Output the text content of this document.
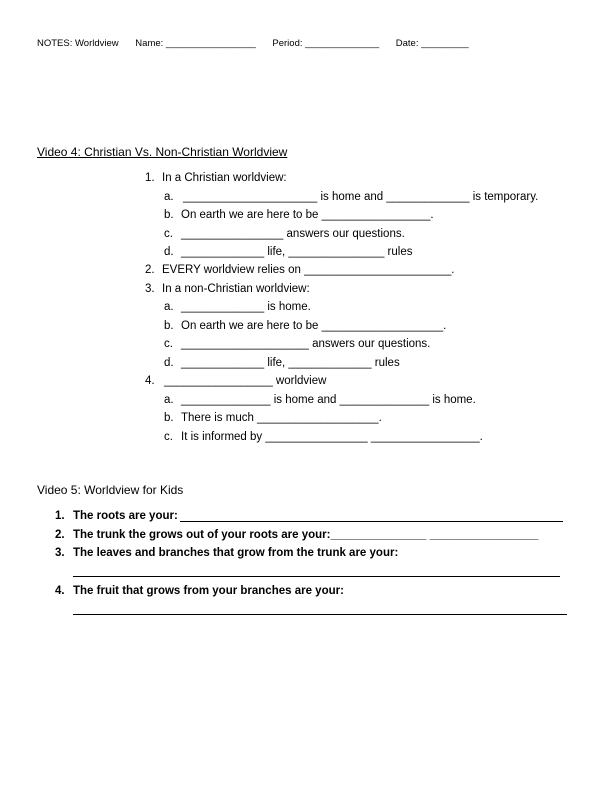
NOTES: Worldview Name: _________________ Period: ______________ Date: _________
Video 4: Christian Vs. Non-Christian Worldview
1. In a Christian worldview:
a. _____________________ is home and _____________ is temporary.
b. On earth we are here to be _________________.
c. ________________ answers our questions.
d. _____________ life, _______________ rules
2. EVERY worldview relies on _______________________.
3. In a non-Christian worldview:
a. _____________ is home.
b. On earth we are here to be ___________________.
c. ____________________ answers our questions.
d. _____________ life, _____________ rules
4. _________________ worldview
a. ______________ is home and ______________ is home.
b. There is much ___________________.
c. It is informed by ________________ _________________.
Video 5: Worldview for Kids
1. The roots are your:
2. The trunk the grows out of your roots are your:_______________ _________________
3. The leaves and branches that grow from the trunk are your:
4. The fruit that grows from your branches are your:
